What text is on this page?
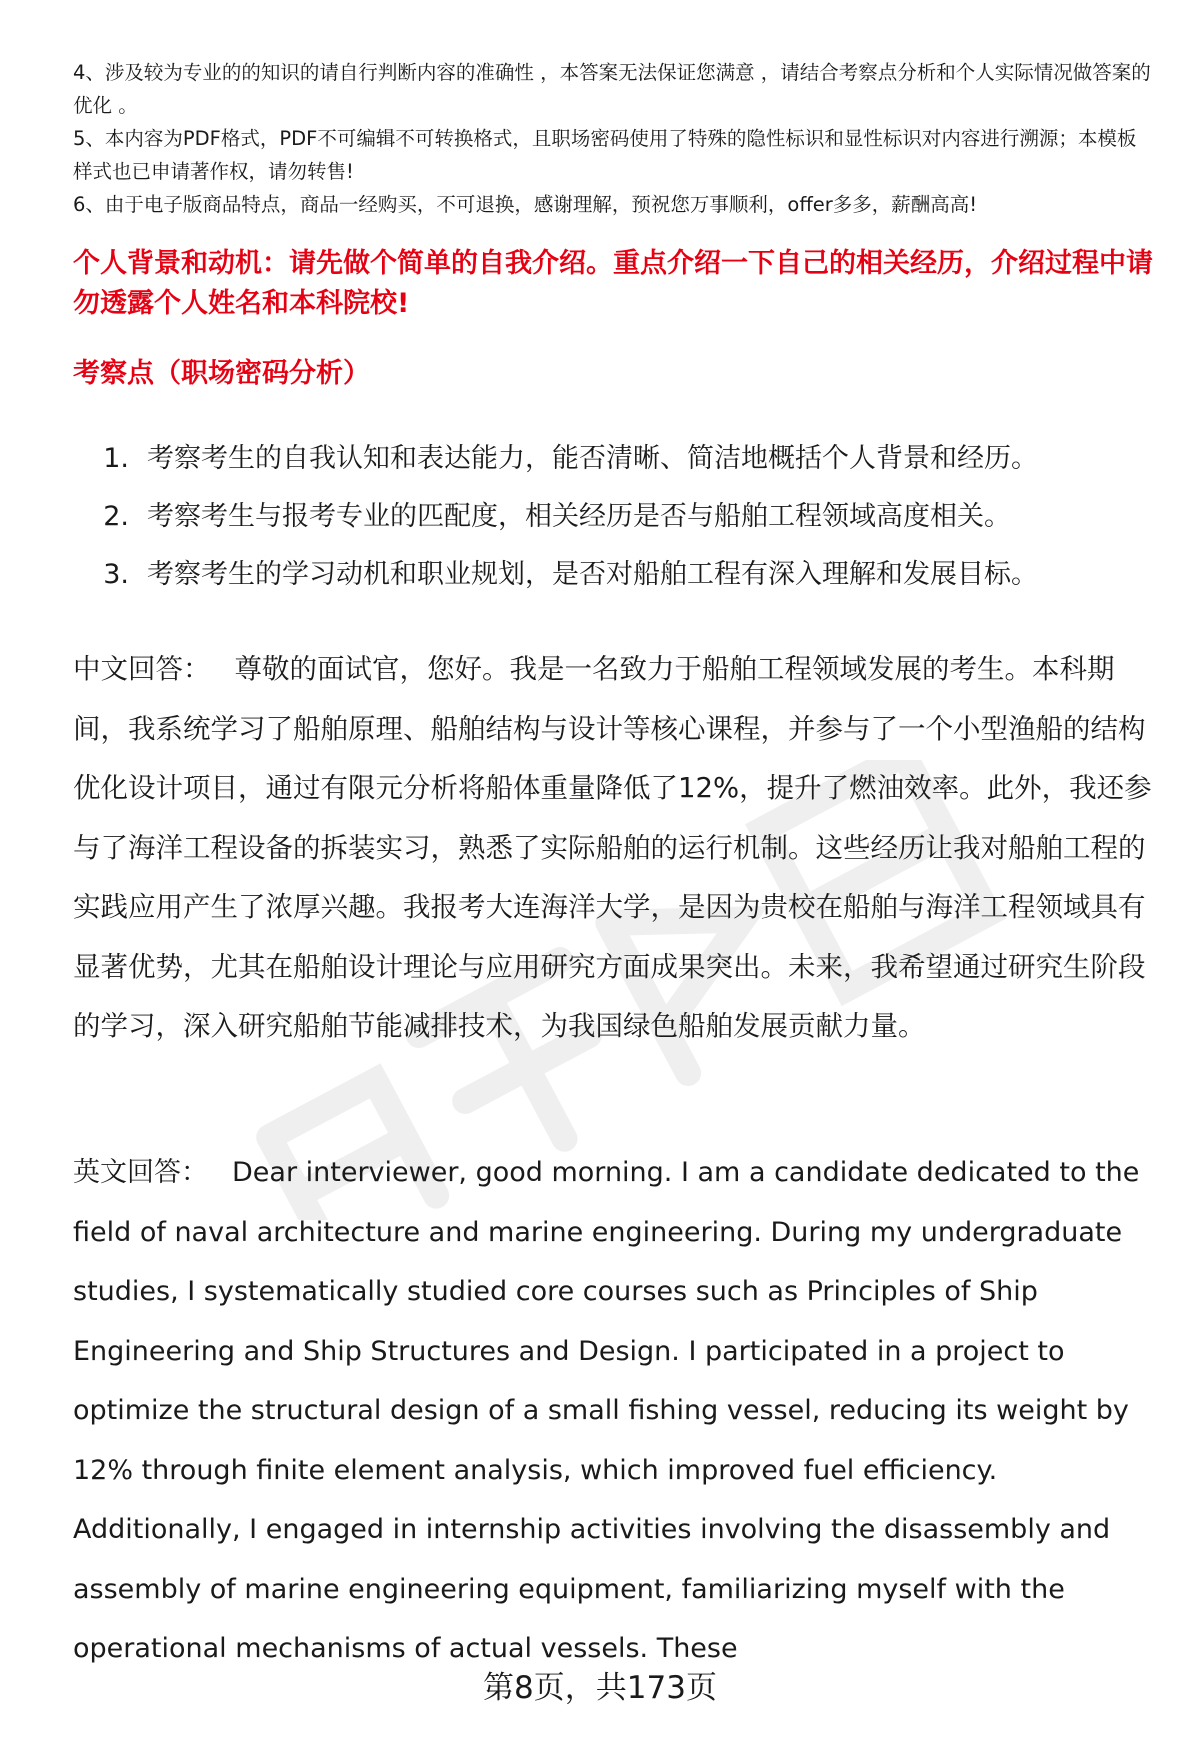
4、涉及较为专业的的知识的请自行判断内容的准确性 ，本答案无法保证您满意 ，请结合考察点分析和个人实际情况做答案的优化 。

5、本内容为PDF格式，PDF不可编辑不可转换格式，且职场密码使用了特殊的隐性标识和显性标识对内容进行溯源；本模板样式也已申请著作权，请勿转售!

6、由于电子版商品特点，商品一经购买，不可退换，感谢理解，预祝您万事顺利，offer多多，薪酬高高!

个人背景和动机：请先做个简单的自我介绍。重点介绍一下自己的相关经历，介绍过程中请勿透露个人姓名和本科院校!
考察点（职场密码分析）
1. 考察考生的自我认知和表达能力，能否清晰、简洁地概括个人背景和经历。
2. 考察考生与报考专业的匹配度，相关经历是否与船舶工程领域高度相关。
3. 考察考生的学习动机和职业规划，是否对船舶工程有深入理解和发展目标。

中文回答： 尊敬的面试官，您好。我是一名致力于船舶工程领域发展的考生。本科期间，我系统学习了船舶原理、船舶结构与设计等核心课程，并参与了一个小型渔船的结构优化设计项目，通过有限元分析将船体重量降低了12%，提升了燃油效率。此外，我还参与了海洋工程设备的拆装实习，熟悉了实际船舶的运行机制。这些经历让我对船舶工程的实践应用产生了浓厚兴趣。我报考大连海洋大学，是因为贵校在船舶与海洋工程领域具有显著优势，尤其在船舶设计理论与应用研究方面成果突出。未来，我希望通过研究生阶段的学习，深入研究船舶节能减排技术，为我国绿色船舶发展贡献力量。

英文回答： Dear interviewer, good morning. I am a candidate dedicated to the field of naval architecture and marine engineering. During my undergraduate studies, I systematically studied core courses such as Principles of Ship Engineering and Ship Structures and Design. I participated in a project to optimize the structural design of a small fishing vessel, reducing its weight by 12% through finite element analysis, which improved fuel efficiency. Additionally, I engaged in internship activities involving the disassembly and assembly of marine engineering equipment, familiarizing myself with the operational mechanisms of actual vessels. These

第8页，共173页
